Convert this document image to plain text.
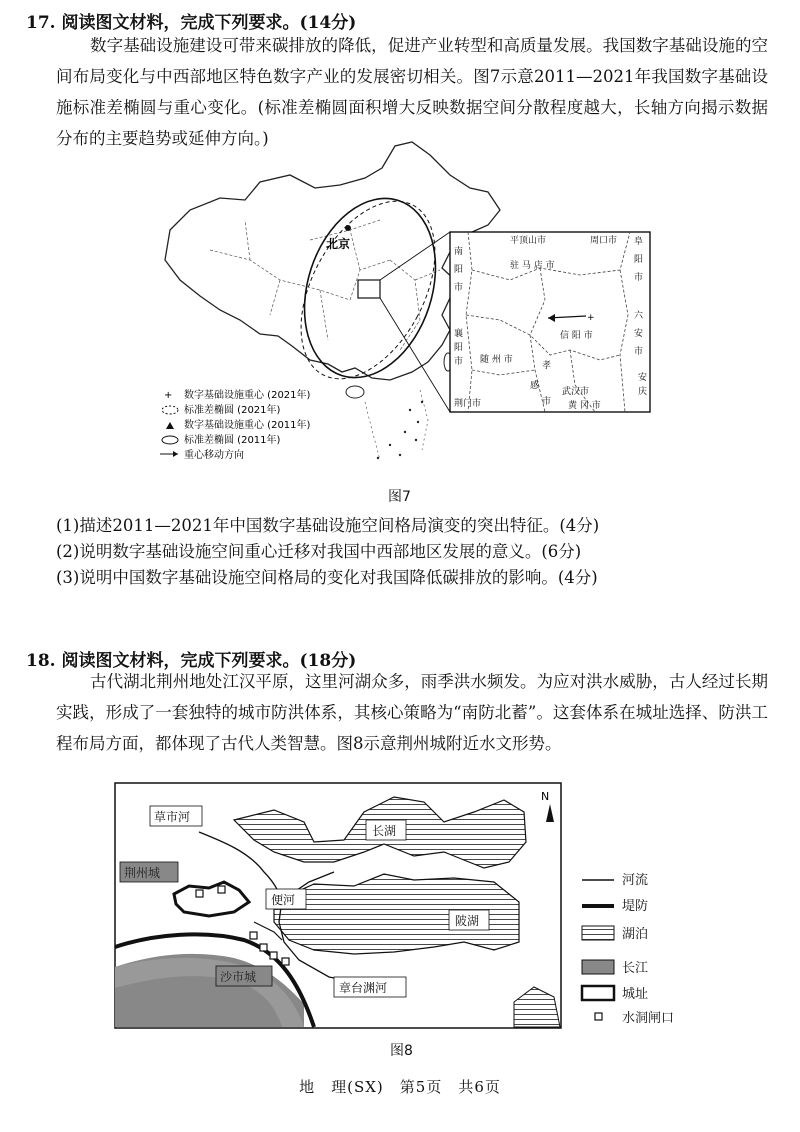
17. 阅读图文材料，完成下列要求。(14分)
数字基础设施建设可带来碳排放的降低，促进产业转型和高质量发展。我国数字基础设施的空间布局变化与中西部地区特色数字产业的发展密切相关。图7示意2011—2021年我国数字基础设施标准差椭圆与重心变化。(标准差椭圆面积增大反映数据空间分散程度越大，长轴方向揭示数据分布的主要趋势或延伸方向。)
北京
+
平顶山市	周口市 阜
阳
市
南
阳
市
驻 马 店 市
襄
阳
市
六
安
市
信 阳 市
随 州 市
孝
感
市
安
庆
荆门市
武汉市
黄 冈 市
+ 数字基础设施重心 (2021年)
标准差椭圆 (2021年)
数字基础设施重心 (2011年)
标准差椭圆 (2011年)
重心移动方向
图7
(1)描述2011—2021年中国数字基础设施空间格局演变的突出特征。(4分)
(2)说明数字基础设施空间重心迁移对我国中西部地区发展的意义。(6分)
(3)说明中国数字基础设施空间格局的变化对我国降低碳排放的影响。(4分)
18. 阅读图文材料，完成下列要求。(18分)
古代湖北荆州地处江汉平原，这里河湖众多，雨季洪水频发。为应对洪水威胁，古人经过长期实践，形成了一套独特的城市防洪体系，其核心策略为“南防北蓄”。这套体系在城址选择、防洪工程布局方面，都体现了古代人类智慧。图8示意荆州城附近水文形势。
草市河
长湖
荆州城
便河
陂湖
沙市城
章台渊河
N
河流
堤防
湖泊
长江
城址
水洞闸口
图8
地　理(SX)　第5页　共6页
